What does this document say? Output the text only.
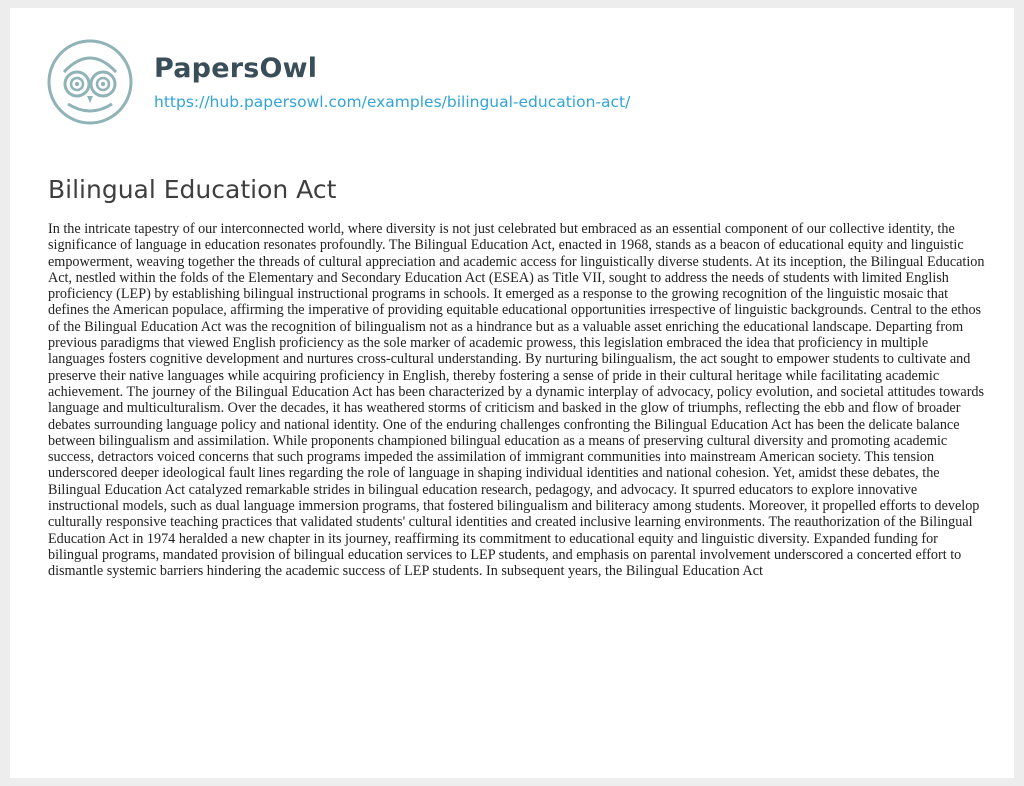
PapersOwl
https://hub.papersowl.com/examples/bilingual-education-act/
Bilingual Education Act

In the intricate tapestry of our interconnected world, where diversity is not just celebrated but embraced as an essential component of our collective identity, the significance of language in education resonates profoundly. The Bilingual Education Act, enacted in 1968, stands as a beacon of educational equity and linguistic empowerment, weaving together the threads of cultural appreciation and academic access for linguistically diverse students. At its inception, the Bilingual Education Act, nestled within the folds of the Elementary and Secondary Education Act (ESEA) as Title VII, sought to address the needs of students with limited English proficiency (LEP) by establishing bilingual instructional programs in schools. It emerged as a response to the growing recognition of the linguistic mosaic that defines the American populace, affirming the imperative of providing equitable educational opportunities irrespective of linguistic backgrounds. Central to the ethos of the Bilingual Education Act was the recognition of bilingualism not as a hindrance but as a valuable asset enriching the educational landscape. Departing from previous paradigms that viewed English proficiency as the sole marker of academic prowess, this legislation embraced the idea that proficiency in multiple languages fosters cognitive development and nurtures cross-cultural understanding. By nurturing bilingualism, the act sought to empower students to cultivate and preserve their native languages while acquiring proficiency in English, thereby fostering a sense of pride in their cultural heritage while facilitating academic achievement. The journey of the Bilingual Education Act has been characterized by a dynamic interplay of advocacy, policy evolution, and societal attitudes towards language and multiculturalism. Over the decades, it has weathered storms of criticism and basked in the glow of triumphs, reflecting the ebb and flow of broader debates surrounding language policy and national identity. One of the enduring challenges confronting the Bilingual Education Act has been the delicate balance between bilingualism and assimilation. While proponents championed bilingual education as a means of preserving cultural diversity and promoting academic success, detractors voiced concerns that such programs impeded the assimilation of immigrant communities into mainstream American society. This tension underscored deeper ideological fault lines regarding the role of language in shaping individual identities and national cohesion. Yet, amidst these debates, the Bilingual Education Act catalyzed remarkable strides in bilingual education research, pedagogy, and advocacy. It spurred educators to explore innovative instructional models, such as dual language immersion programs, that fostered bilingualism and biliteracy among students. Moreover, it propelled efforts to develop culturally responsive teaching practices that validated students' cultural identities and created inclusive learning environments. The reauthorization of the Bilingual Education Act in 1974 heralded a new chapter in its journey, reaffirming its commitment to educational equity and linguistic diversity. Expanded funding for bilingual programs, mandated provision of bilingual education services to LEP students, and emphasis on parental involvement underscored a concerted effort to dismantle systemic barriers hindering the academic success of LEP students. In subsequent years, the Bilingual Education Act
